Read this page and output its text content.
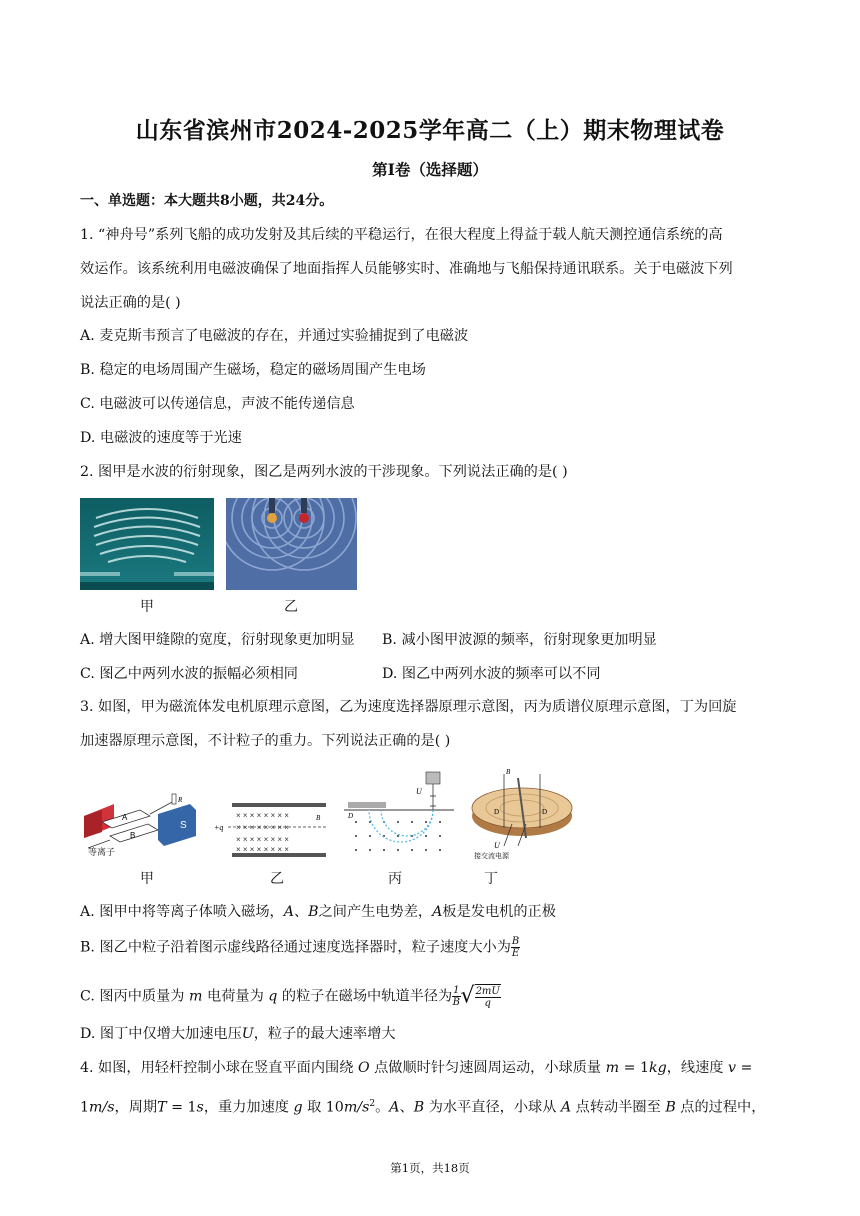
山东省滨州市2024-2025学年高二（上）期末物理试卷
第I卷（选择题）
一、单选题：本大题共8小题，共24分。
1. “神舟号”系列飞船的成功发射及其后续的平稳运行，在很大程度上得益于载人航天测控通信系统的高
效运作。该系统利用电磁波确保了地面指挥人员能够实时、准确地与飞船保持通讯联系。关于电磁波下列
说法正确的是( )
A. 麦克斯韦预言了电磁波的存在，并通过实验捕捉到了电磁波
B. 稳定的电场周围产生磁场，稳定的磁场周围产生电场
C. 电磁波可以传递信息，声波不能传递信息
D. 电磁波的速度等于光速
2. 图甲是水波的衍射现象，图乙是两列水波的干涉现象。下列说法正确的是( )
甲	乙
A. 增大图甲缝隙的宽度，衍射现象更加明显 B. 减小图甲波源的频率，衍射现象更加明显
C. 图乙中两列水波的振幅必须相同	D. 图乙中两列水波的频率可以不同
3. 如图，甲为磁流体发电机原理示意图，乙为速度选择器原理示意图，丙为质谱仪原理示意图，丁为回旋
加速器原理示意图，不计粒子的重力。下列说法正确的是( )
A
B
S
R
等离子
× × × × × × × ×
× × × × × × × ×
× × × × × × × ×
× × × × × × × ×
+q
B
U
D
B
D	D
U
接交流电源
甲	乙	丙	丁
A. 图甲中将等离子体喷入磁场，A、B之间产生电势差，A板是发电机的正极
B. 图乙中粒子沿着图示虚线路径通过速度选择器时，粒子速度大小为 $\frac{B}{E}$
C. 图丙中质量为 m 电荷量为 q 的粒子在磁场中轨道半径为 $\frac{1}{B}$ √ $\frac{2mU}{q}$
D. 图丁中仅增大加速电压U，粒子的最大速率增大
4. 如图，用轻杆控制小球在竖直平面内围绕 O 点做顺时针匀速圆周运动，小球质量 m = 1kg，线速度 v =
1m/s，周期T = 1s，重力加速度 g 取 $10m/s^2$。A、B 为水平直径，小球从 A 点转动半圈至 B 点的过程中，
第1页，共18页
